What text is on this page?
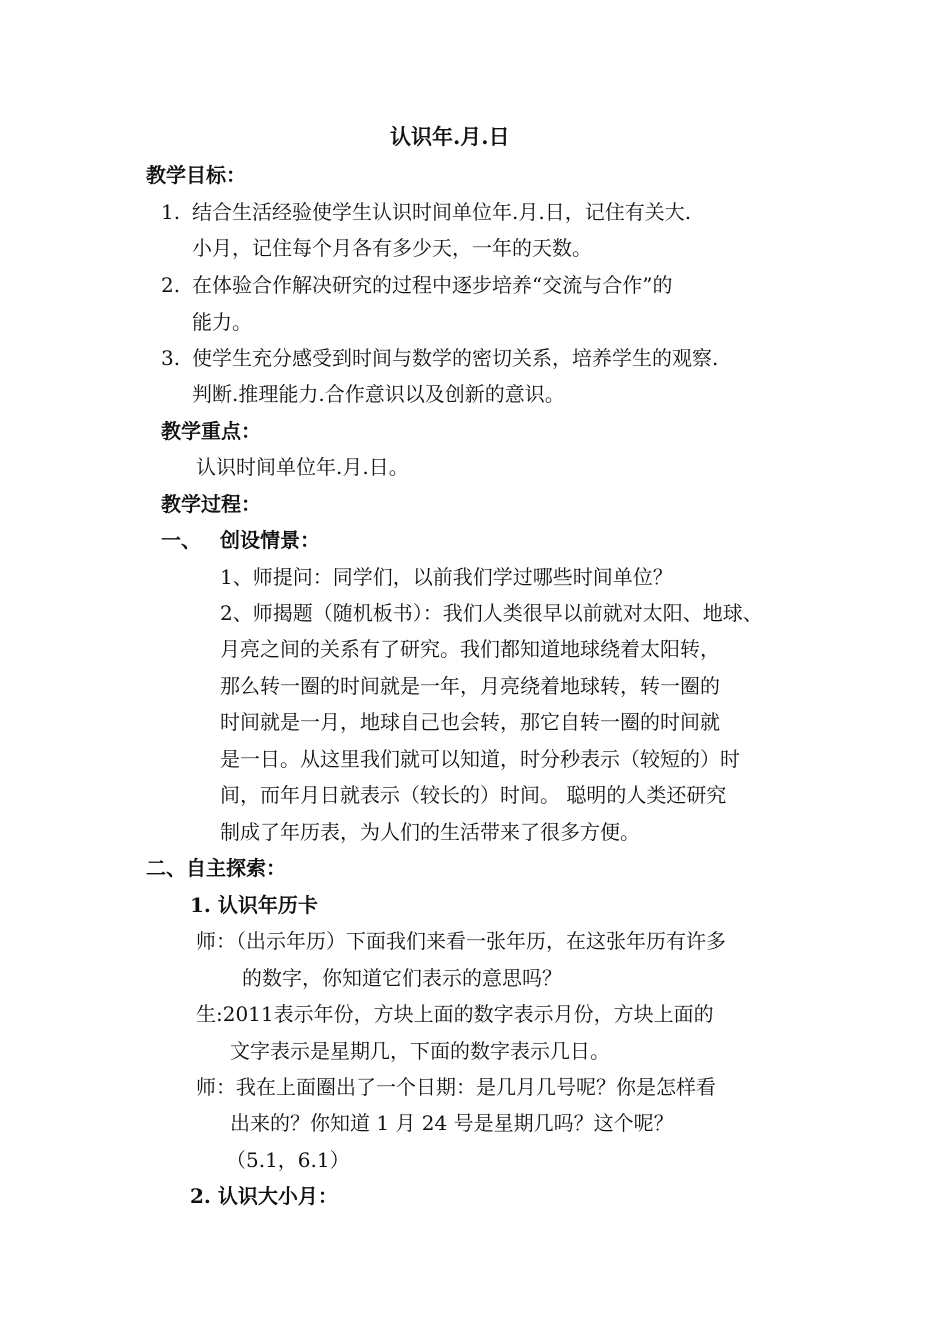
认识年.月.日
教学目标：
1. 结合生活经验使学生认识时间单位年.月.日，记住有关大.
小月，记住每个月各有多少天，一年的天数。
2. 在体验合作解决研究的过程中逐步培养“交流与合作”的
能力。
3. 使学生充分感受到时间与数学的密切关系，培养学生的观察.
判断.推理能力.合作意识以及创新的意识。
教学重点：
认识时间单位年.月.日。
教学过程：
一、 创设情景：
1、师提问：同学们，以前我们学过哪些时间单位？
2、师揭题（随机板书）：我们人类很早以前就对太阳、地球、
月亮之间的关系有了研究。我们都知道地球绕着太阳转，
那么转一圈的时间就是一年，月亮绕着地球转，转一圈的
时间就是一月，地球自己也会转，那它自转一圈的时间就
是一日。从这里我们就可以知道，时分秒表示（较短的）时
间，而年月日就表示（较长的）时间。 聪明的人类还研究
制成了年历表，为人们的生活带来了很多方便。
二、自主探索：
1. 认识年历卡
师：（出示年历）下面我们来看一张年历，在这张年历有许多
的数字，你知道它们表示的意思吗？
生:2011表示年份，方块上面的数字表示月份，方块上面的
文字表示是星期几，下面的数字表示几日。
师：我在上面圈出了一个日期：是几月几号呢？你是怎样看
出来的？你知道 1 月 24 号是星期几吗？这个呢？
（5.1，6.1）
2. 认识大小月：
